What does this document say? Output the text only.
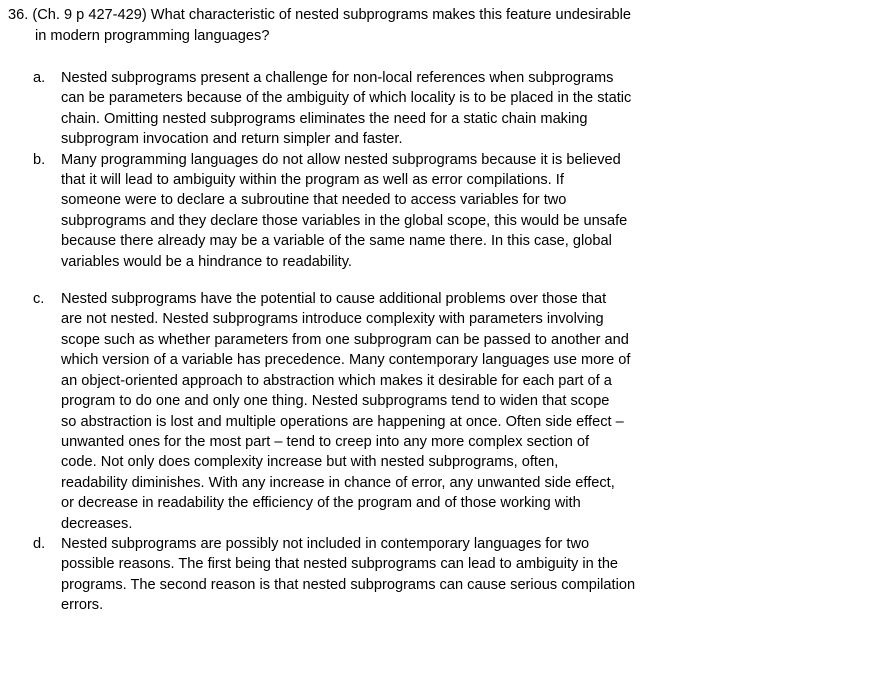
36. (Ch. 9 p 427-429) What characteristic of nested subprograms makes this feature undesirable
in modern programming languages?
a.	Nested subprograms present a challenge for non-local references when subprograms
can be parameters because of the ambiguity of which locality is to be placed in the static
chain. Omitting nested subprograms eliminates the need for a static chain making
subprogram invocation and return simpler and faster.
b.	Many programming languages do not allow nested subprograms because it is believed
that it will lead to ambiguity within the program as well as error compilations. If
someone were to declare a subroutine that needed to access variables for two
subprograms and they declare those variables in the global scope, this would be unsafe
because there already may be a variable of the same name there. In this case, global
variables would be a hindrance to readability.
c.	Nested subprograms have the potential to cause additional problems over those that
are not nested. Nested subprograms introduce complexity with parameters involving
scope such as whether parameters from one subprogram can be passed to another and
which version of a variable has precedence. Many contemporary languages use more of
an object-oriented approach to abstraction which makes it desirable for each part of a
program to do one and only one thing. Nested subprograms tend to widen that scope
so abstraction is lost and multiple operations are happening at once. Often side effect –
unwanted ones for the most part – tend to creep into any more complex section of
code. Not only does complexity increase but with nested subprograms, often,
readability diminishes. With any increase in chance of error, any unwanted side effect,
or decrease in readability the efficiency of the program and of those working with
decreases.
d.	Nested subprograms are possibly not included in contemporary languages for two
possible reasons. The first being that nested subprograms can lead to ambiguity in the
programs. The second reason is that nested subprograms can cause serious compilation
errors.
